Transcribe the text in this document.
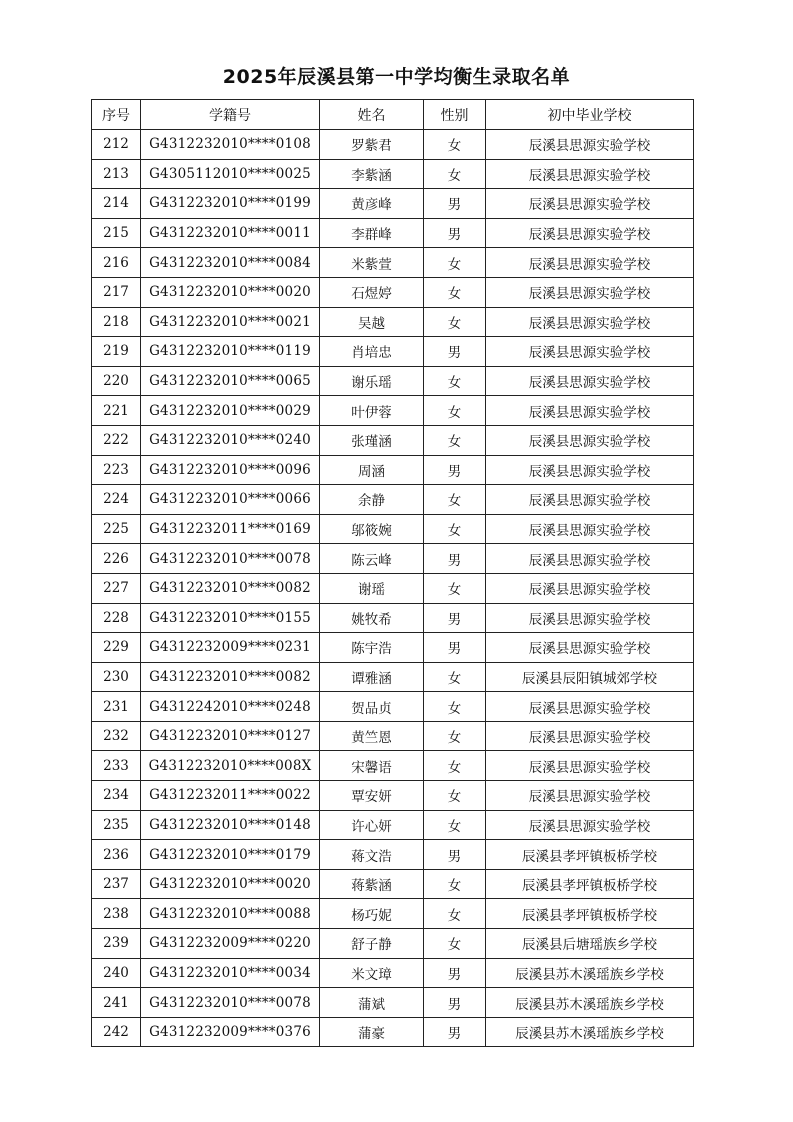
2025年辰溪县第一中学均衡生录取名单
序号	学籍号	姓名	性别	初中毕业学校
212	G4312232010****0108	罗紫君	女	辰溪县思源实验学校
213	G4305112010****0025	李紫涵	女	辰溪县思源实验学校
214	G4312232010****0199	黄彦峰	男	辰溪县思源实验学校
215	G4312232010****0011	李群峰	男	辰溪县思源实验学校
216	G4312232010****0084	米紫萱	女	辰溪县思源实验学校
217	G4312232010****0020	石煜婷	女	辰溪县思源实验学校
218	G4312232010****0021	吴越	女	辰溪县思源实验学校
219	G4312232010****0119	肖培忠	男	辰溪县思源实验学校
220	G4312232010****0065	谢乐瑶	女	辰溪县思源实验学校
221	G4312232010****0029	叶伊蓉	女	辰溪县思源实验学校
222	G4312232010****0240	张瑾涵	女	辰溪县思源实验学校
223	G4312232010****0096	周涵	男	辰溪县思源实验学校
224	G4312232010****0066	余静	女	辰溪县思源实验学校
225	G4312232011****0169	邬筱婉	女	辰溪县思源实验学校
226	G4312232010****0078	陈云峰	男	辰溪县思源实验学校
227	G4312232010****0082	谢瑶	女	辰溪县思源实验学校
228	G4312232010****0155	姚牧希	男	辰溪县思源实验学校
229	G4312232009****0231	陈宇浩	男	辰溪县思源实验学校
230	G4312232010****0082	谭雅涵	女	辰溪县辰阳镇城郊学校
231	G4312242010****0248	贺品贞	女	辰溪县思源实验学校
232	G4312232010****0127	黄竺恩	女	辰溪县思源实验学校
233	G4312232010****008X	宋馨语	女	辰溪县思源实验学校
234	G4312232011****0022	覃安妍	女	辰溪县思源实验学校
235	G4312232010****0148	许心妍	女	辰溪县思源实验学校
236	G4312232010****0179	蒋文浩	男	辰溪县孝坪镇板桥学校
237	G4312232010****0020	蒋紫涵	女	辰溪县孝坪镇板桥学校
238	G4312232010****0088	杨巧妮	女	辰溪县孝坪镇板桥学校
239	G4312232009****0220	舒子静	女	辰溪县后塘瑶族乡学校
240	G4312232010****0034	米文璋	男	辰溪县苏木溪瑶族乡学校
241	G4312232010****0078	蒲斌	男	辰溪县苏木溪瑶族乡学校
242	G4312232009****0376	蒲豪	男	辰溪县苏木溪瑶族乡学校
